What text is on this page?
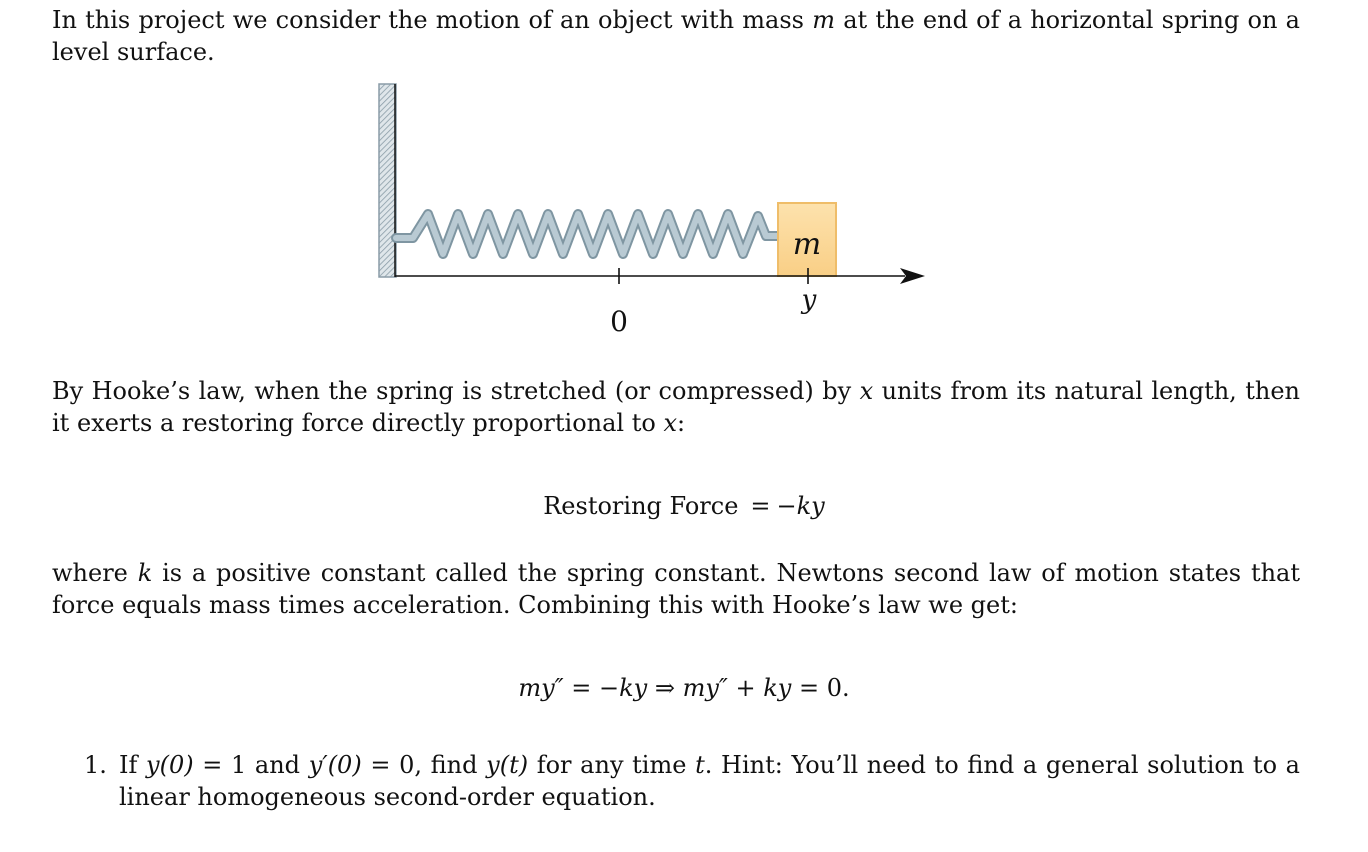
In this project we consider the motion of an object with mass m at the end of a horizontal spring on a level surface.

m
0
y

By Hooke’s law, when the spring is stretched (or compressed) by x units from its natural length, then it exerts a restoring force directly proportional to x:

Restoring Force = −ky

where k is a positive constant called the spring constant. Newtons second law of motion states that force equals mass times acceleration. Combining this with Hooke’s law we get:

my″ = −ky ⇒ my″ + ky = 0.

1. If y(0) = 1 and y′(0) = 0, find y(t) for any time t. Hint: You’ll need to find a general solution to a linear homogeneous second-order equation.
